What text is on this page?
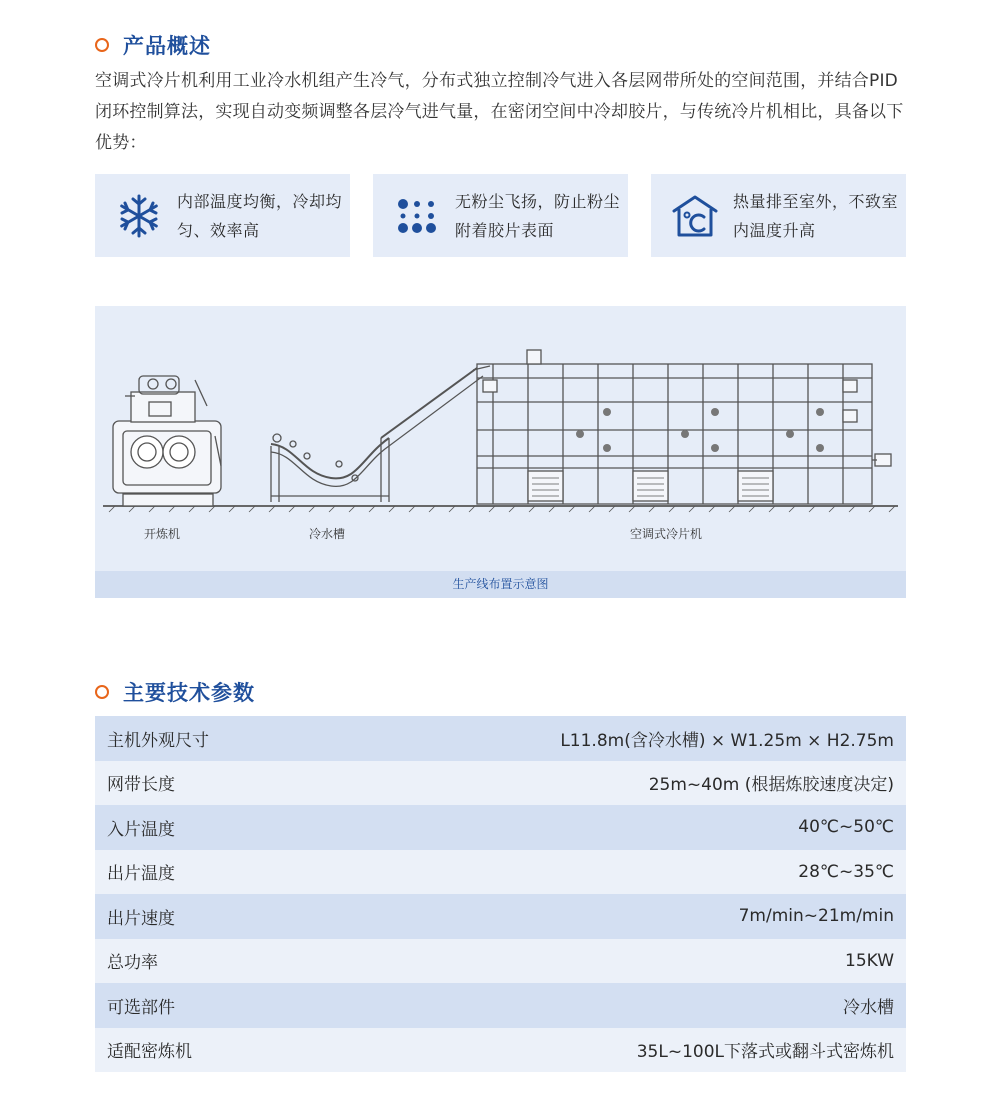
产品概述
空调式冷片机利用工业冷水机组产生冷气，分布式独立控制冷气进入各层网带所处的空间范围，并结合PID闭环控制算法，实现自动变频调整各层冷气进气量，在密闭空间中冷却胶片，与传统冷片机相比，具备以下优势：
内部温度均衡，冷却均匀、效率高
无粉尘飞扬，防止粉尘附着胶片表面
热量排至室外，不致室内温度升高
开炼机	冷水槽	空调式冷片机
生产线布置示意图
主要技术参数
主机外观尺寸	L11.8m(含冷水槽) × W1.25m × H2.75m
网带长度	25m~40m (根据炼胶速度决定)
入片温度	40℃~50℃
出片温度	28℃~35℃
出片速度	7m/min~21m/min
总功率	15KW
可选部件	冷水槽
适配密炼机	35L~100L下落式或翻斗式密炼机
